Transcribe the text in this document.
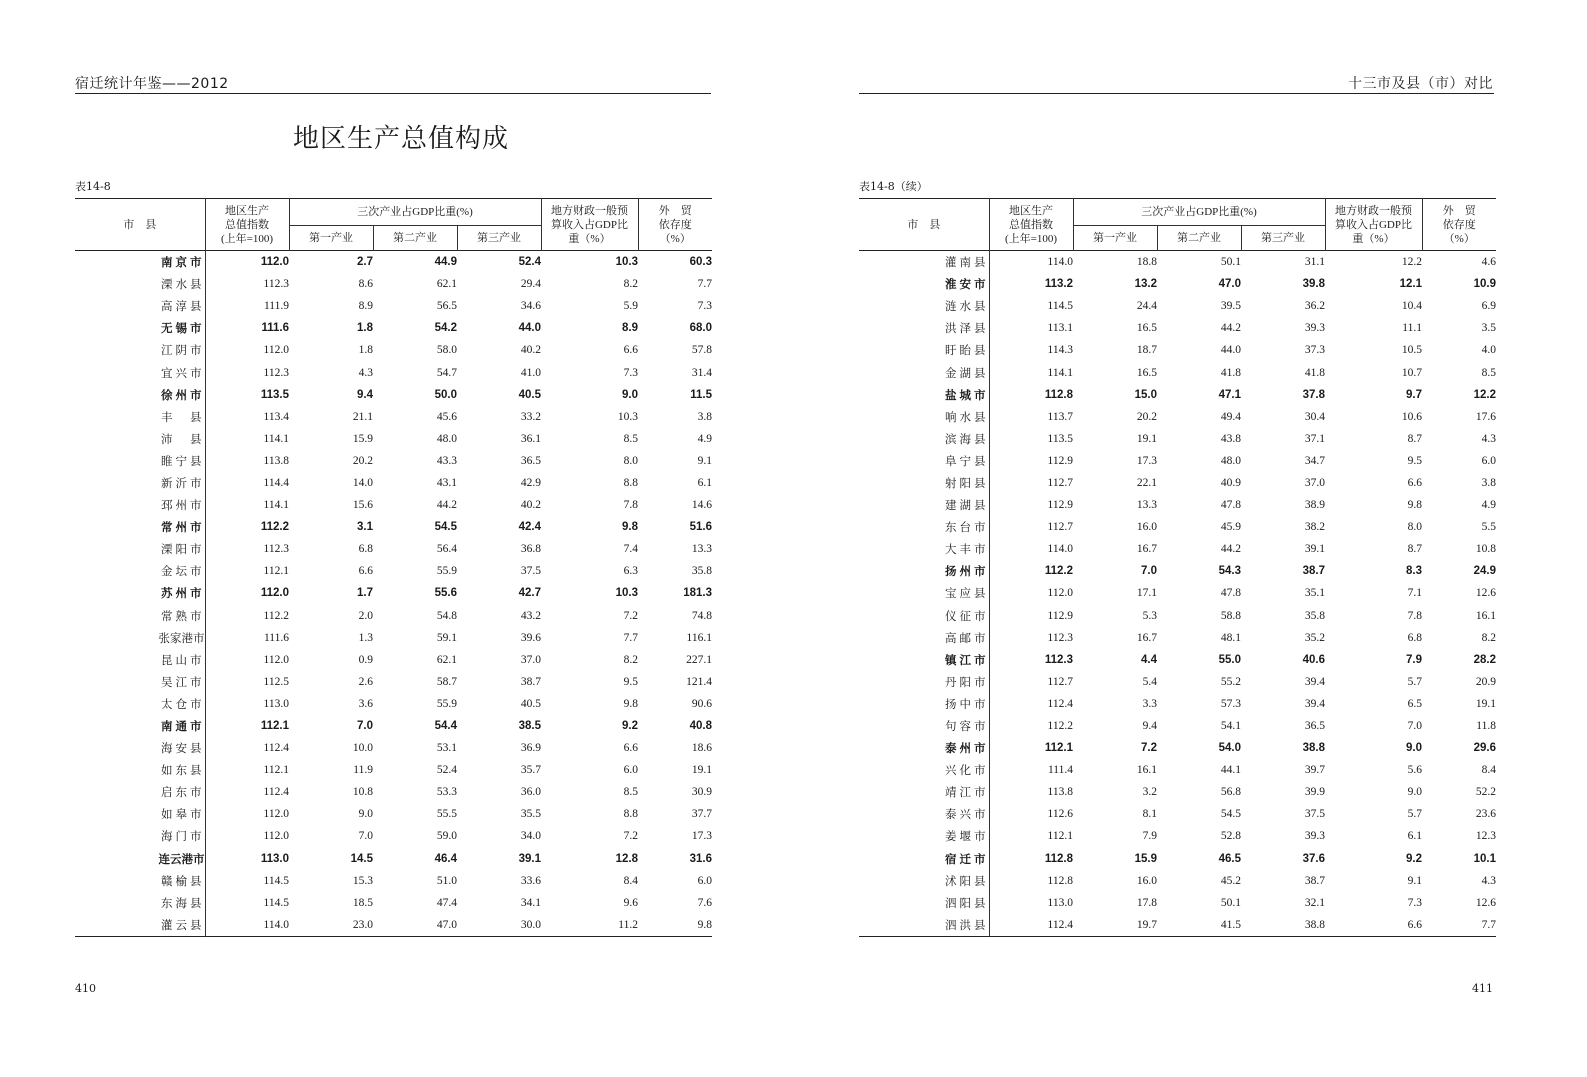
宿迁统计年鉴——2012
地区生产总值构成
表14-8
市　县	地区生产
总值指数
(上年=100)	三次产业占GDP比重(%)			地方财政一般预
算收入占GDP比
重（%）	外　贸
依存度
（%）
		第一产业	第二产业	第三产业		
南京市	112.0	2.7	44.9	52.4	10.3	60.3
溧水县	112.3	8.6	62.1	29.4	8.2	7.7
高淳县	111.9	8.9	56.5	34.6	5.9	7.3
无锡市	111.6	1.8	54.2	44.0	8.9	68.0
江阴市	112.0	1.8	58.0	40.2	6.6	57.8
宜兴市	112.3	4.3	54.7	41.0	7.3	31.4
徐州市	113.5	9.4	50.0	40.5	9.0	11.5
丰　县	113.4	21.1	45.6	33.2	10.3	3.8
沛　县	114.1	15.9	48.0	36.1	8.5	4.9
睢宁县	113.8	20.2	43.3	36.5	8.0	9.1
新沂市	114.4	14.0	43.1	42.9	8.8	6.1
邳州市	114.1	15.6	44.2	40.2	7.8	14.6
常州市	112.2	3.1	54.5	42.4	9.8	51.6
溧阳市	112.3	6.8	56.4	36.8	7.4	13.3
金坛市	112.1	6.6	55.9	37.5	6.3	35.8
苏州市	112.0	1.7	55.6	42.7	10.3	181.3
常熟市	112.2	2.0	54.8	43.2	7.2	74.8
张家港市	111.6	1.3	59.1	39.6	7.7	116.1
昆山市	112.0	0.9	62.1	37.0	8.2	227.1
吴江市	112.5	2.6	58.7	38.7	9.5	121.4
太仓市	113.0	3.6	55.9	40.5	9.8	90.6
南通市	112.1	7.0	54.4	38.5	9.2	40.8
海安县	112.4	10.0	53.1	36.9	6.6	18.6
如东县	112.1	11.9	52.4	35.7	6.0	19.1
启东市	112.4	10.8	53.3	36.0	8.5	30.9
如皋市	112.0	9.0	55.5	35.5	8.8	37.7
海门市	112.0	7.0	59.0	34.0	7.2	17.3
连云港市	113.0	14.5	46.4	39.1	12.8	31.6
赣榆县	114.5	15.3	51.0	33.6	8.4	6.0
东海县	114.5	18.5	47.4	34.1	9.6	7.6
灌云县	114.0	23.0	47.0	30.0	11.2	9.8
410
十三市及县（市）对比
表14-8（续）
市　县	地区生产
总值指数
(上年=100)	三次产业占GDP比重(%)			地方财政一般预
算收入占GDP比
重（%）	外　贸
依存度
（%）
		第一产业	第二产业	第三产业		
灌南县	114.0	18.8	50.1	31.1	12.2	4.6
淮安市	113.2	13.2	47.0	39.8	12.1	10.9
涟水县	114.5	24.4	39.5	36.2	10.4	6.9
洪泽县	113.1	16.5	44.2	39.3	11.1	3.5
盱眙县	114.3	18.7	44.0	37.3	10.5	4.0
金湖县	114.1	16.5	41.8	41.8	10.7	8.5
盐城市	112.8	15.0	47.1	37.8	9.7	12.2
响水县	113.7	20.2	49.4	30.4	10.6	17.6
滨海县	113.5	19.1	43.8	37.1	8.7	4.3
阜宁县	112.9	17.3	48.0	34.7	9.5	6.0
射阳县	112.7	22.1	40.9	37.0	6.6	3.8
建湖县	112.9	13.3	47.8	38.9	9.8	4.9
东台市	112.7	16.0	45.9	38.2	8.0	5.5
大丰市	114.0	16.7	44.2	39.1	8.7	10.8
扬州市	112.2	7.0	54.3	38.7	8.3	24.9
宝应县	112.0	17.1	47.8	35.1	7.1	12.6
仪征市	112.9	5.3	58.8	35.8	7.8	16.1
高邮市	112.3	16.7	48.1	35.2	6.8	8.2
镇江市	112.3	4.4	55.0	40.6	7.9	28.2
丹阳市	112.7	5.4	55.2	39.4	5.7	20.9
扬中市	112.4	3.3	57.3	39.4	6.5	19.1
句容市	112.2	9.4	54.1	36.5	7.0	11.8
泰州市	112.1	7.2	54.0	38.8	9.0	29.6
兴化市	111.4	16.1	44.1	39.7	5.6	8.4
靖江市	113.8	3.2	56.8	39.9	9.0	52.2
泰兴市	112.6	8.1	54.5	37.5	5.7	23.6
姜堰市	112.1	7.9	52.8	39.3	6.1	12.3
宿迁市	112.8	15.9	46.5	37.6	9.2	10.1
沭阳县	112.8	16.0	45.2	38.7	9.1	4.3
泗阳县	113.0	17.8	50.1	32.1	7.3	12.6
泗洪县	112.4	19.7	41.5	38.8	6.6	7.7
411
